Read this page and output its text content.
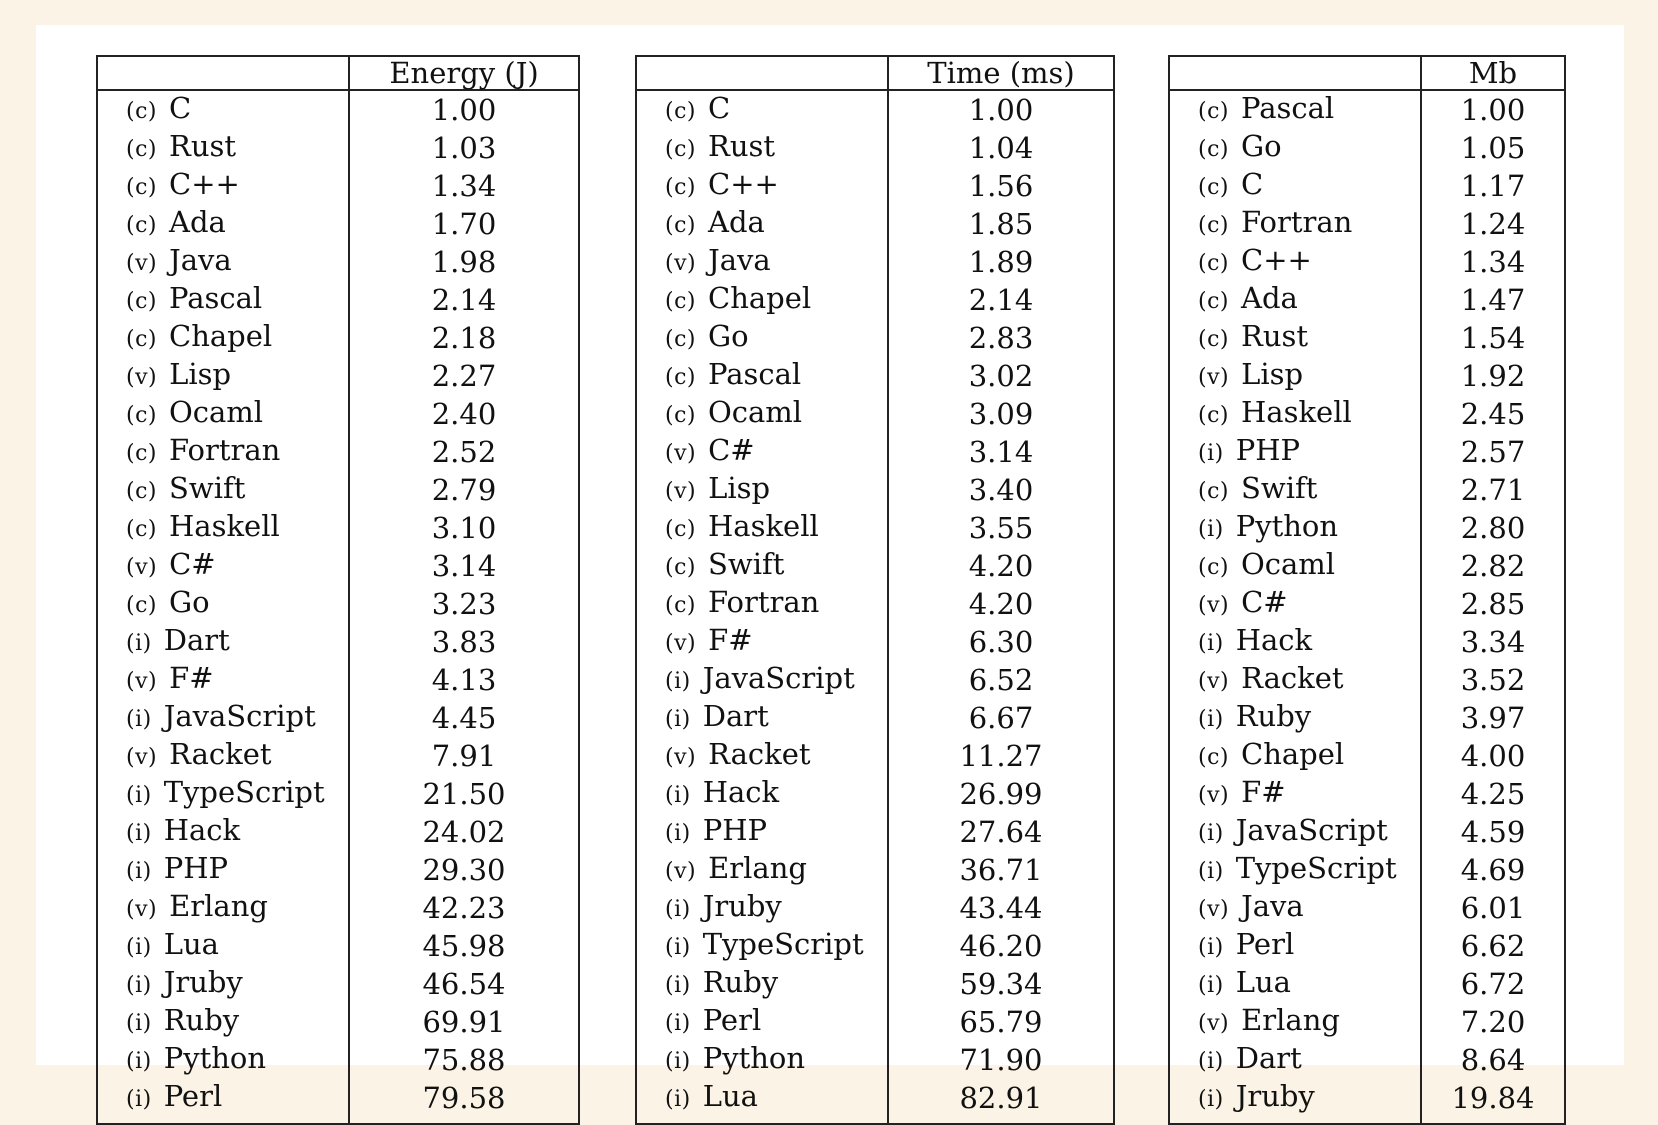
	Energy (J)
(c) C	1.00
(c) Rust	1.03
(c) C++	1.34
(c) Ada	1.70
(v) Java	1.98
(c) Pascal	2.14
(c) Chapel	2.18
(v) Lisp	2.27
(c) Ocaml	2.40
(c) Fortran	2.52
(c) Swift	2.79
(c) Haskell	3.10
(v) C#	3.14
(c) Go	3.23
(i) Dart	3.83
(v) F#	4.13
(i) JavaScript	4.45
(v) Racket	7.91
(i) TypeScript	21.50
(i) Hack	24.02
(i) PHP	29.30
(v) Erlang	42.23
(i) Lua	45.98
(i) Jruby	46.54
(i) Ruby	69.91
(i) Python	75.88
(i) Perl	79.58
	Time (ms)
(c) C	1.00
(c) Rust	1.04
(c) C++	1.56
(c) Ada	1.85
(v) Java	1.89
(c) Chapel	2.14
(c) Go	2.83
(c) Pascal	3.02
(c) Ocaml	3.09
(v) C#	3.14
(v) Lisp	3.40
(c) Haskell	3.55
(c) Swift	4.20
(c) Fortran	4.20
(v) F#	6.30
(i) JavaScript	6.52
(i) Dart	6.67
(v) Racket	11.27
(i) Hack	26.99
(i) PHP	27.64
(v) Erlang	36.71
(i) Jruby	43.44
(i) TypeScript	46.20
(i) Ruby	59.34
(i) Perl	65.79
(i) Python	71.90
(i) Lua	82.91
	Mb
(c) Pascal	1.00
(c) Go	1.05
(c) C	1.17
(c) Fortran	1.24
(c) C++	1.34
(c) Ada	1.47
(c) Rust	1.54
(v) Lisp	1.92
(c) Haskell	2.45
(i) PHP	2.57
(c) Swift	2.71
(i) Python	2.80
(c) Ocaml	2.82
(v) C#	2.85
(i) Hack	3.34
(v) Racket	3.52
(i) Ruby	3.97
(c) Chapel	4.00
(v) F#	4.25
(i) JavaScript	4.59
(i) TypeScript	4.69
(v) Java	6.01
(i) Perl	6.62
(i) Lua	6.72
(v) Erlang	7.20
(i) Dart	8.64
(i) Jruby	19.84
